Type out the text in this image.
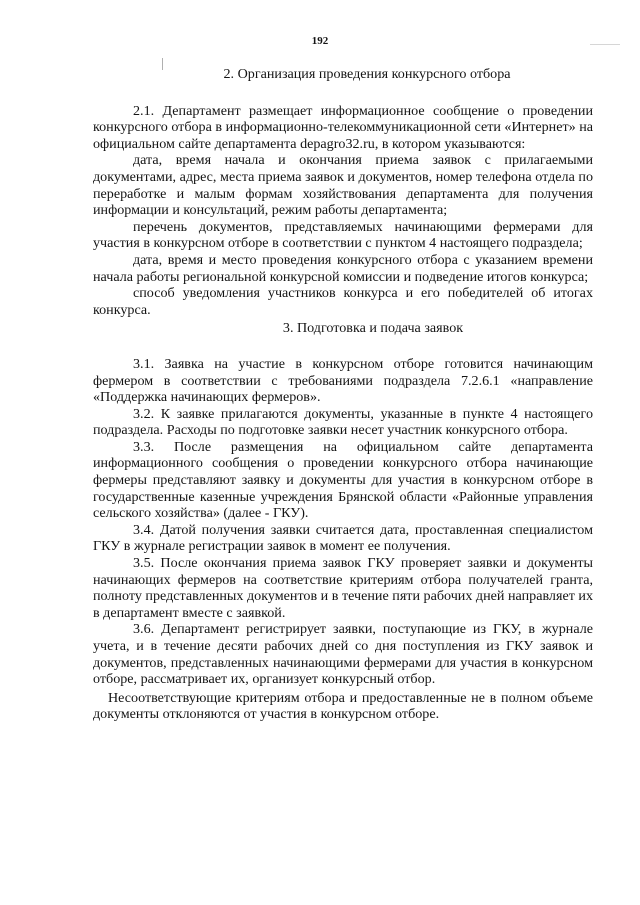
192
2. Организация проведения конкурсного отбора

2.1. Департамент размещает информационное сообщение о проведении конкурсного отбора в информационно-телекоммуникационной сети «Интернет» на официальном сайте департамента depagro32.ru, в котором указываются:

дата, время начала и окончания приема заявок с прилагаемыми документами, адрес, места приема заявок и документов, номер телефона отдела по переработке и малым формам хозяйствования департамента для получения информации и консультаций, режим работы департамента;

перечень документов, представляемых начинающими фермерами для участия в конкурсном отборе в соответствии с пунктом 4 настоящего подраздела;

дата, время и место проведения конкурсного отбора с указанием времени начала работы региональной конкурсной комиссии и подведение итогов конкурса;

способ уведомления участников конкурса и его победителей об итогах конкурса.

3. Подготовка и подача заявок

3.1. Заявка на участие в конкурсном отборе готовится начинающим фермером в соответствии с требованиями подраздела 7.2.6.1 «направление «Поддержка начинающих фермеров».

3.2. К заявке прилагаются документы, указанные в пункте 4 настоящего подраздела. Расходы по подготовке заявки несет участник конкурсного отбора.

3.3. После размещения на официальном сайте департамента информационного сообщения о проведении конкурсного отбора начинающие фермеры представляют заявку и документы для участия в конкурсном отборе в государственные казенные учреждения Брянской области «Районные управления сельского хозяйства» (далее - ГКУ).

3.4. Датой получения заявки считается дата, проставленная специалистом ГКУ в журнале регистрации заявок в момент ее получения.

3.5. После окончания приема заявок ГКУ проверяет заявки и документы начинающих фермеров на соответствие критериям отбора получателей гранта, полноту представленных документов и в течение пяти рабочих дней направляет их в департамент вместе с заявкой.

3.6. Департамент регистрирует заявки, поступающие из ГКУ, в журнале учета, и в течение десяти рабочих дней со дня поступления из ГКУ заявок и документов, представленных начинающими фермерами для участия в конкурсном отборе, рассматривает их, организует конкурсный отбор.

Несоответствующие критериям отбора и предоставленные не в полном объеме документы отклоняются от участия в конкурсном отборе.
